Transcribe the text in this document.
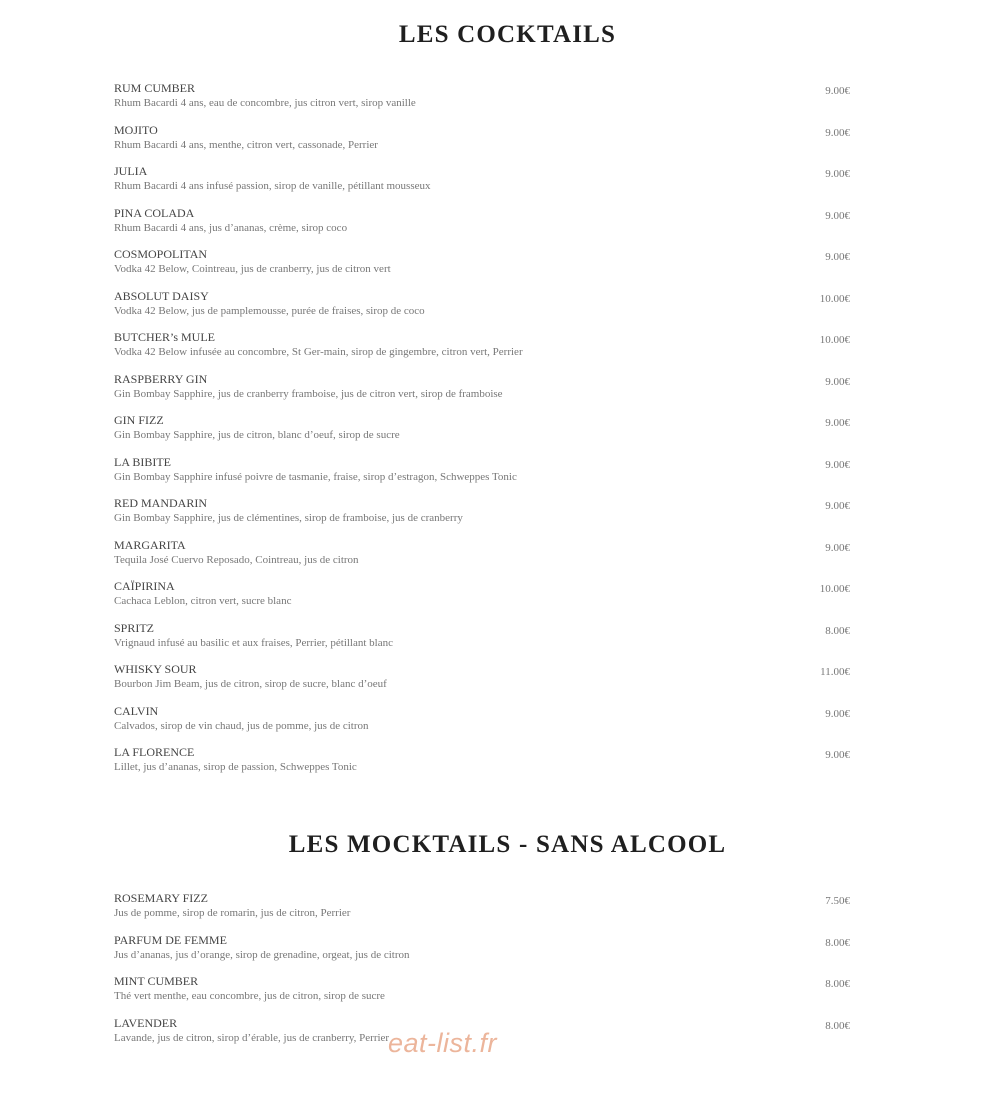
LES COCKTAILS
RUM CUMBER
Rhum Bacardi 4 ans, eau de concombre, jus citron vert, sirop vanille
9.00€
MOJITO
Rhum Bacardi 4 ans, menthe, citron vert, cassonade, Perrier
9.00€
JULIA
Rhum Bacardi 4 ans infusé passion, sirop de vanille, pétillant mousseux
9.00€
PINA COLADA
Rhum Bacardi 4 ans, jus d’ananas, crème, sirop coco
9.00€
COSMOPOLITAN
Vodka 42 Below, Cointreau, jus de cranberry, jus de citron vert
9.00€
ABSOLUT DAISY
Vodka 42 Below, jus de pamplemousse, purée de fraises, sirop de coco
10.00€
BUTCHER’s MULE
Vodka 42 Below infusée au concombre, St Ger-main, sirop de gingembre, citron vert, Perrier
10.00€
RASPBERRY GIN
Gin Bombay Sapphire, jus de cranberry framboise, jus de citron vert, sirop de framboise
9.00€
GIN FIZZ
Gin Bombay Sapphire, jus de citron, blanc d’oeuf, sirop de sucre
9.00€
LA BIBITE
Gin Bombay Sapphire infusé poivre de tasmanie, fraise, sirop d’estragon, Schweppes Tonic
9.00€
RED MANDARIN
Gin Bombay Sapphire, jus de clémentines, sirop de framboise, jus de cranberry
9.00€
MARGARITA
Tequila José Cuervo Reposado, Cointreau, jus de citron
9.00€
CAÏPIRINA
Cachaca Leblon, citron vert, sucre blanc
10.00€
SPRITZ
Vrignaud infusé au basilic et aux fraises, Perrier, pétillant blanc
8.00€
WHISKY SOUR
Bourbon Jim Beam, jus de citron, sirop de sucre, blanc d’oeuf
11.00€
CALVIN
Calvados, sirop de vin chaud, jus de pomme, jus de citron
9.00€
LA FLORENCE
Lillet, jus d’ananas, sirop de passion, Schweppes Tonic
9.00€
LES MOCKTAILS - SANS ALCOOL
ROSEMARY FIZZ
Jus de pomme, sirop de romarin, jus de citron, Perrier
7.50€
PARFUM DE FEMME
Jus d’ananas, jus d’orange, sirop de grenadine, orgeat, jus de citron
8.00€
MINT CUMBER
Thé vert menthe, eau concombre, jus de citron, sirop de sucre
8.00€
LAVENDER
Lavande, jus de citron, sirop d’érable, jus de cranberry, Perrier
8.00€
eat-list.fr
